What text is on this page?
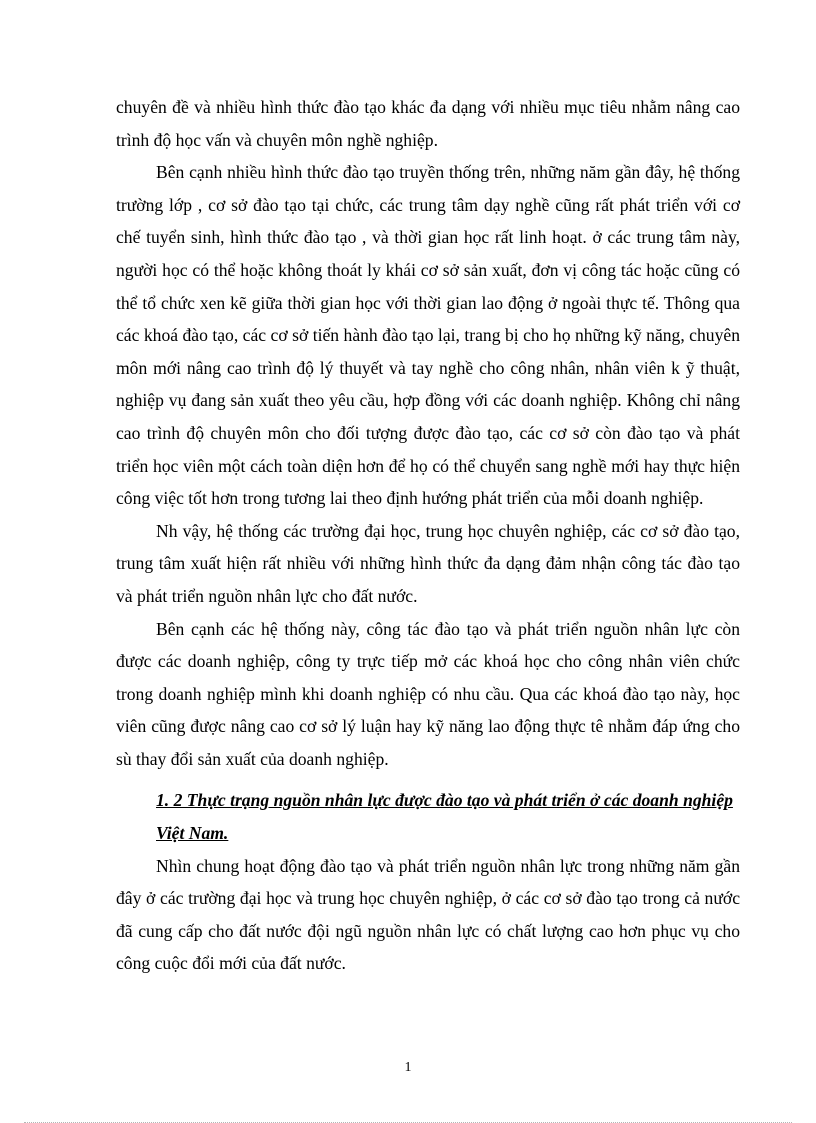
chuyên đề và nhiều hình thức đào tạo khác đa dạng với nhiều mục tiêu nhằm nâng cao trình độ học vấn và chuyên môn nghề nghiệp.

Bên cạnh nhiều hình thức đào tạo truyền thống trên, những năm gần đây, hệ thống trường lớp , cơ sở đào tạo tại chức, các trung tâm dạy nghề cũng rất phát triển với cơ chế tuyển sinh, hình thức đào tạo , và thời gian học rất linh hoạt. ở các trung tâm này, người học có thể hoặc không thoát ly khái cơ sở sản xuất, đơn vị công tác hoặc cũng có thể tổ chức xen kẽ giữa thời gian học với thời gian lao động ở ngoài thực tế. Thông qua các khoá đào tạo, các cơ sở tiến hành đào tạo lại, trang bị cho họ những kỹ năng, chuyên môn mới nâng cao trình độ lý thuyết và tay nghề cho công nhân, nhân viên k ỹ thuật, nghiệp vụ đang sản xuất theo yêu cầu, hợp đồng với các doanh nghiệp. Không chỉ nâng cao trình độ chuyên môn cho đối tượng được đào tạo, các cơ sở còn đào tạo và phát triển học viên một cách toàn diện hơn để họ có thể chuyển sang nghề mới hay thực hiện công việc tốt hơn trong tương lai theo định hướng phát triển của mỗi doanh nghiệp.

Nh vậy, hệ thống các trường đại học, trung học chuyên nghiệp, các cơ sở đào tạo, trung tâm xuất hiện rất nhiều với những hình thức đa dạng đảm nhận công tác đào tạo và phát triển nguồn nhân lực cho đất nước.

Bên cạnh các hệ thống này, công tác đào tạo và phát triển nguồn nhân lực còn được các doanh nghiệp, công ty trực tiếp mở các khoá học cho công nhân viên chức trong doanh nghiệp mình khi doanh nghiệp có nhu cầu. Qua các khoá đào tạo này, học viên cũng được nâng cao cơ sở lý luận hay kỹ năng lao động thực tê nhằm đáp ứng cho sù thay đổi sản xuất của doanh nghiệp.

1. 2 Thực trạng nguồn nhân lực được đào tạo và phát triển ở các doanh nghiệp Việt Nam.

Nhìn chung hoạt động đào tạo và phát triển nguồn nhân lực trong những năm gần đây ở các trường đại học và trung học chuyên nghiệp, ở các cơ sở đào tạo trong cả nước đã cung cấp cho đất nước đội ngũ nguồn nhân lực có chất lượng cao hơn phục vụ cho công cuộc đổi mới của đất nước.

1
